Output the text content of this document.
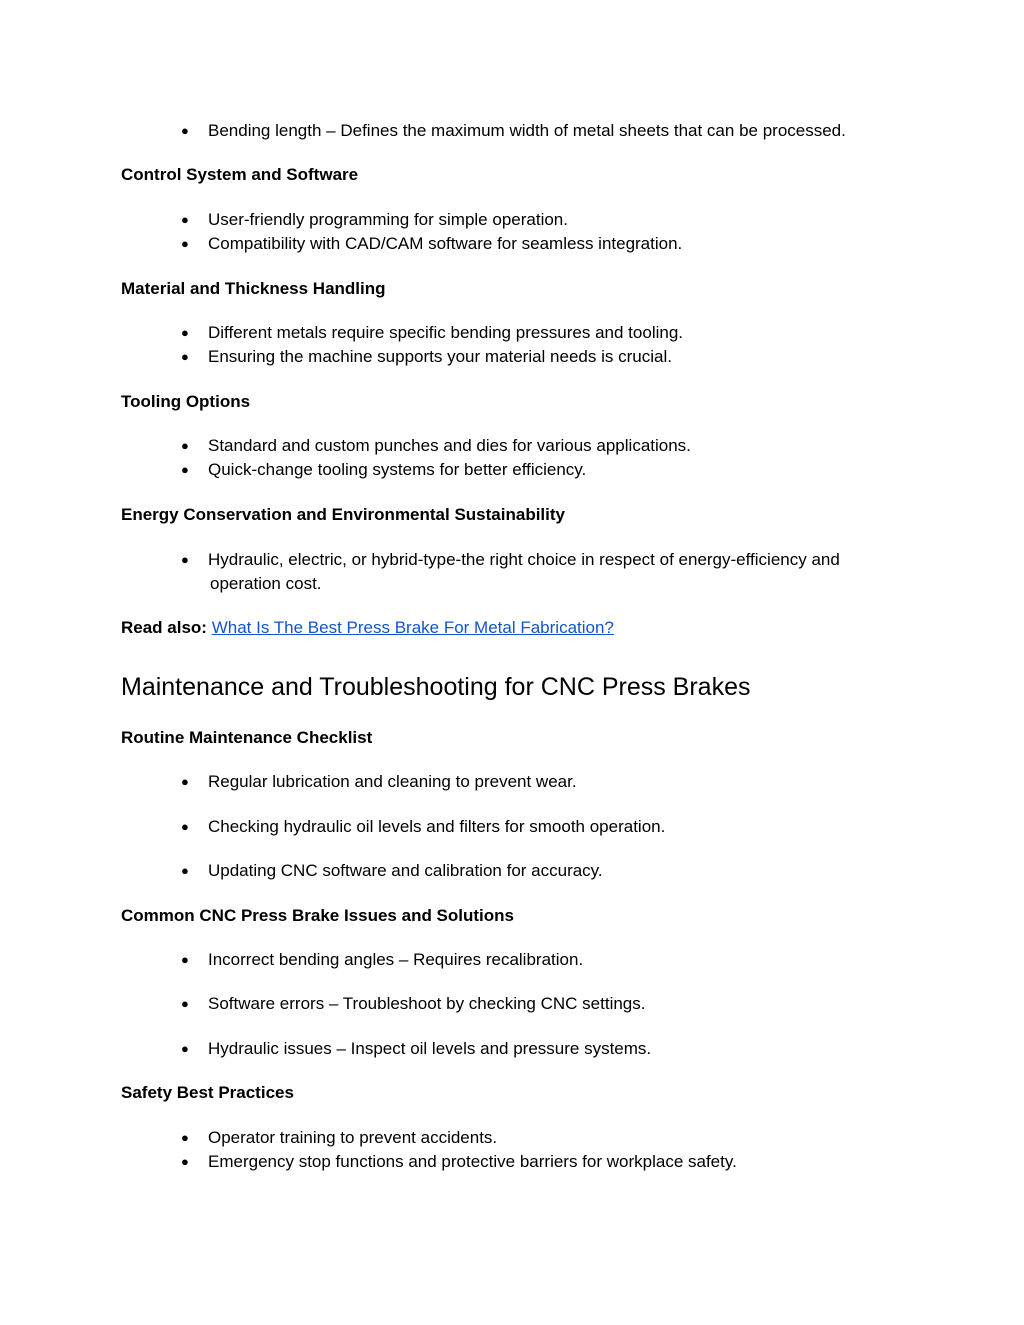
● Bending length – Defines the maximum width of metal sheets that can be processed.
Control System and Software
● User-friendly programming for simple operation.
● Compatibility with CAD/CAM software for seamless integration.
Material and Thickness Handling
● Different metals require specific bending pressures and tooling.
● Ensuring the machine supports your material needs is crucial.
Tooling Options
● Standard and custom punches and dies for various applications.
● Quick-change tooling systems for better efficiency.
Energy Conservation and Environmental Sustainability
● Hydraulic, electric, or hybrid-type-the right choice in respect of energy-efficiency and
operation cost.
Read also: What Is The Best Press Brake For Metal Fabrication?
Maintenance and Troubleshooting for CNC Press Brakes
Routine Maintenance Checklist
● Regular lubrication and cleaning to prevent wear.
● Checking hydraulic oil levels and filters for smooth operation.
● Updating CNC software and calibration for accuracy.
Common CNC Press Brake Issues and Solutions
● Incorrect bending angles – Requires recalibration.
● Software errors – Troubleshoot by checking CNC settings.
● Hydraulic issues – Inspect oil levels and pressure systems.
Safety Best Practices
● Operator training to prevent accidents.
● Emergency stop functions and protective barriers for workplace safety.
